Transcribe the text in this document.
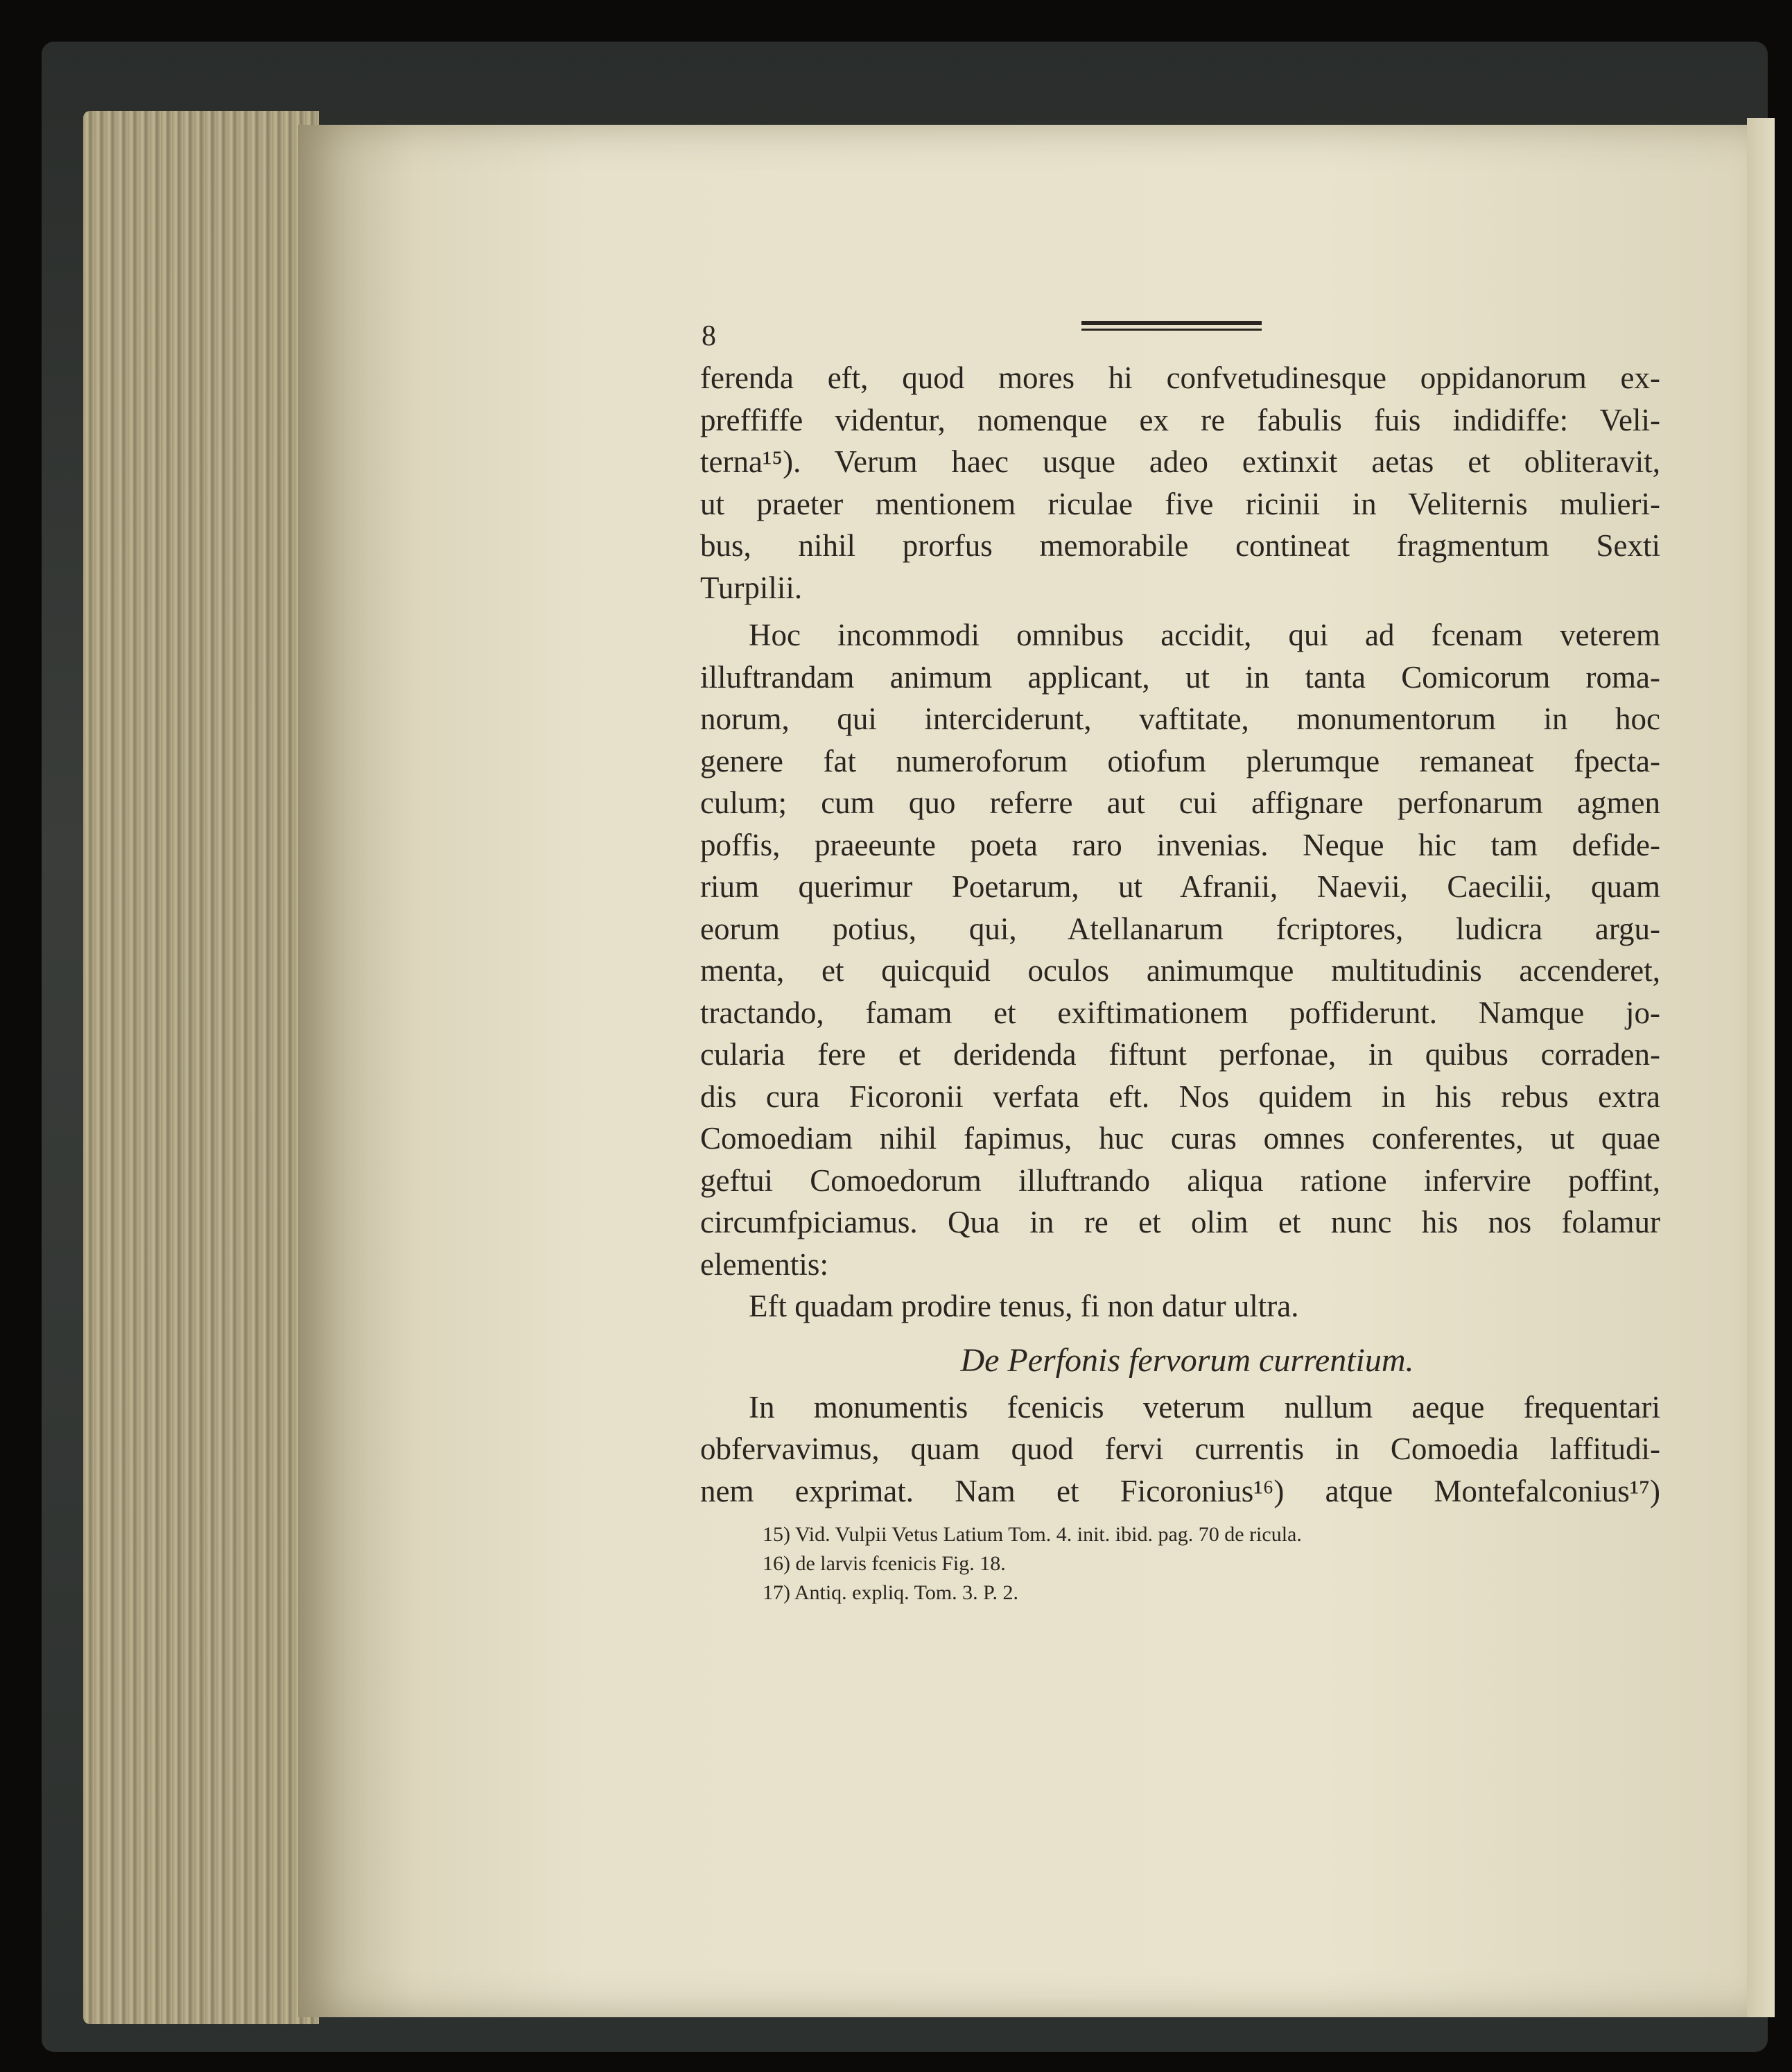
8
ferenda eft, quod mores hi confvetudinesque oppidanorum ex-
preffiffe videntur, nomenque ex re fabulis fuis indidiffe: Veli-
terna¹⁵). Verum haec usque adeo extinxit aetas et obliteravit,
ut praeter mentionem riculae five ricinii in Veliternis mulieri-
bus, nihil prorfus memorabile contineat fragmentum Sexti
Turpilii.
Hoc incommodi omnibus accidit, qui ad fcenam veterem
illuftrandam animum applicant, ut in tanta Comicorum roma-
norum, qui interciderunt, vaftitate, monumentorum in hoc
genere fat numeroforum otiofum plerumque remaneat fpecta-
culum; cum quo referre aut cui affignare perfonarum agmen
poffis, praeeunte poeta raro invenias. Neque hic tam defide-
rium querimur Poetarum, ut Afranii, Naevii, Caecilii, quam
eorum potius, qui, Atellanarum fcriptores, ludicra argu-
menta, et quicquid oculos animumque multitudinis accenderet,
tractando, famam et exiftimationem poffiderunt. Namque jo-
cularia fere et deridenda fiftunt perfonae, in quibus corraden-
dis cura Ficoronii verfata eft. Nos quidem in his rebus extra
Comoediam nihil fapimus, huc curas omnes conferentes, ut quae
geftui Comoedorum illuftrando aliqua ratione infervire poffint,
circumfpiciamus. Qua in re et olim et nunc his nos folamur
elementis:
Eft quadam prodire tenus, fi non datur ultra.
De Perfonis fervorum currentium.
In monumentis fcenicis veterum nullum aeque frequentari
obfervavimus, quam quod fervi currentis in Comoedia laffitudi-
nem exprimat. Nam et Ficoronius¹⁶) atque Montefalconius¹⁷)
15) Vid. Vulpii Vetus Latium Tom. 4. init. ibid. pag. 70 de ricula.
16) de larvis fcenicis Fig. 18.
17) Antiq. expliq. Tom. 3. P. 2.
